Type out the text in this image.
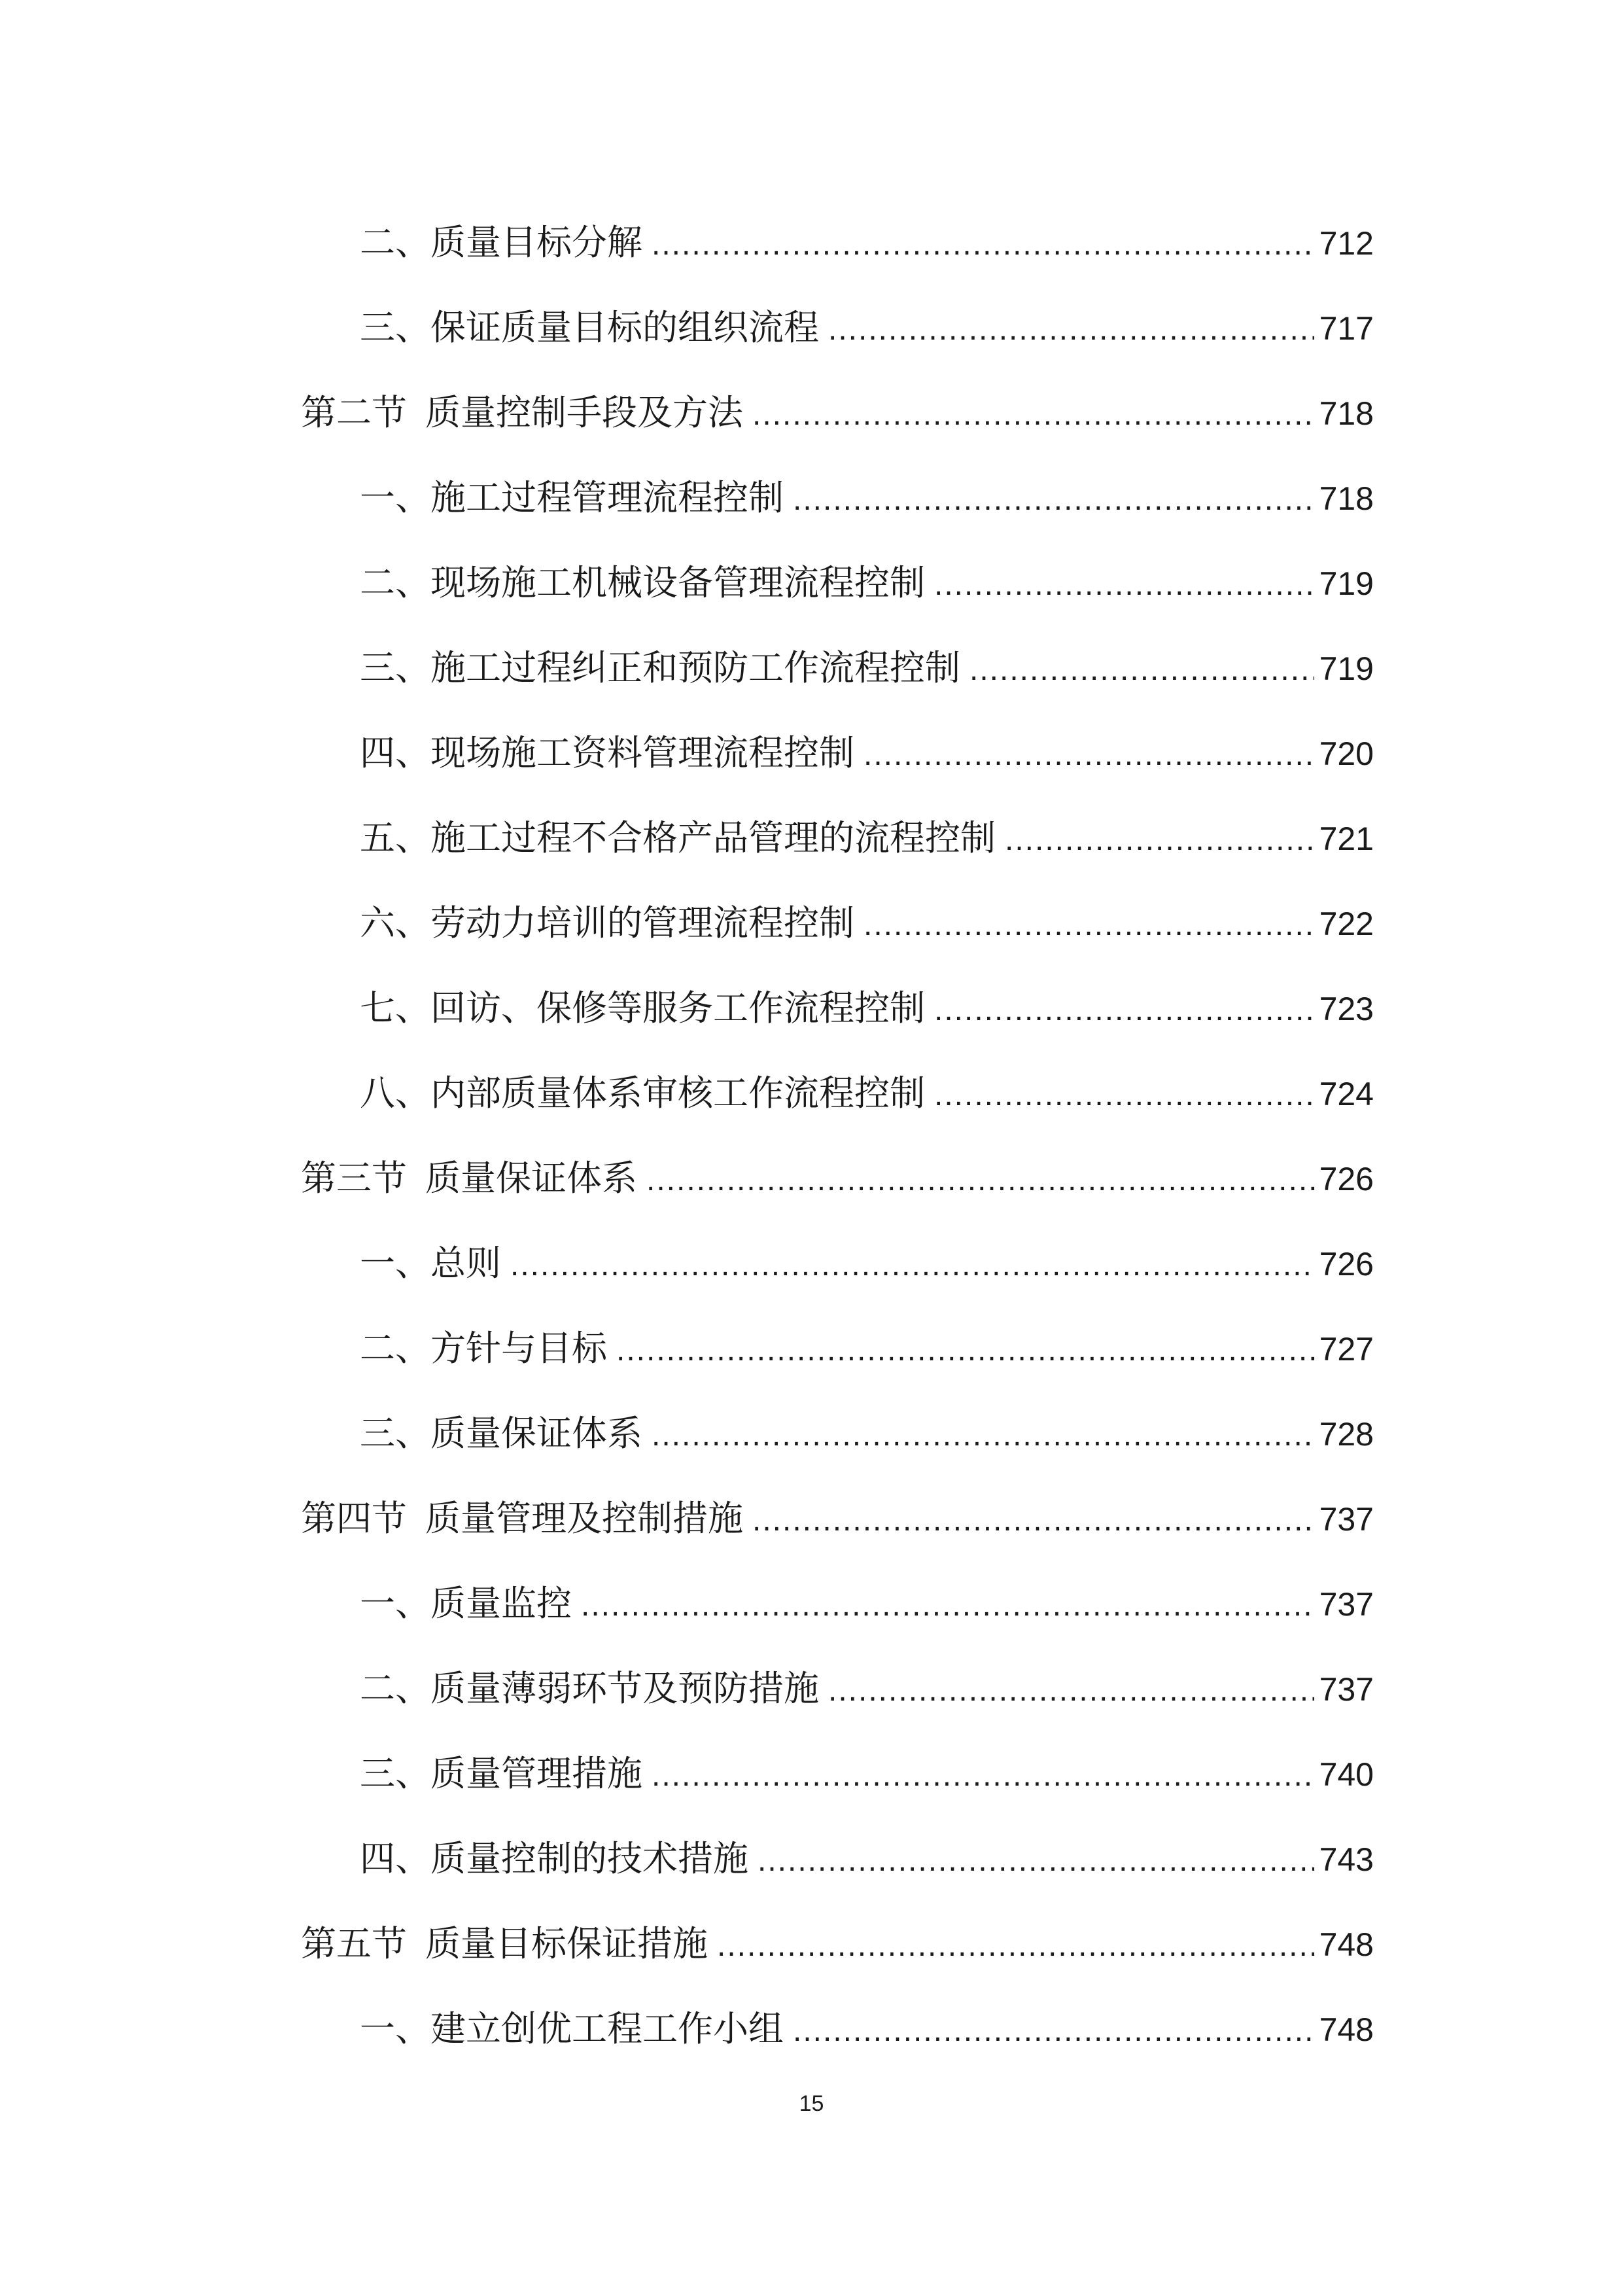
二、质量目标分解 .....	712
三、保证质量目标的组织流程 .....	717
第二节 质量控制手段及方法 .....	718
一、施工过程管理流程控制 .....	718
二、现场施工机械设备管理流程控制 .....	719
三、施工过程纠正和预防工作流程控制 .....	719
四、现场施工资料管理流程控制 .....	720
五、施工过程不合格产品管理的流程控制 .....	721
六、劳动力培训的管理流程控制 .....	722
七、回访、保修等服务工作流程控制 .....	723
八、内部质量体系审核工作流程控制 .....	724
第三节 质量保证体系 .....	726
一、总则 .....	726
二、方针与目标 .....	727
三、质量保证体系 .....	728
第四节 质量管理及控制措施 .....	737
一、质量监控 .....	737
二、质量薄弱环节及预防措施 .....	737
三、质量管理措施 .....	740
四、质量控制的技术措施 .....	743
第五节 质量目标保证措施 .....	748
一、建立创优工程工作小组 .....	748
15
